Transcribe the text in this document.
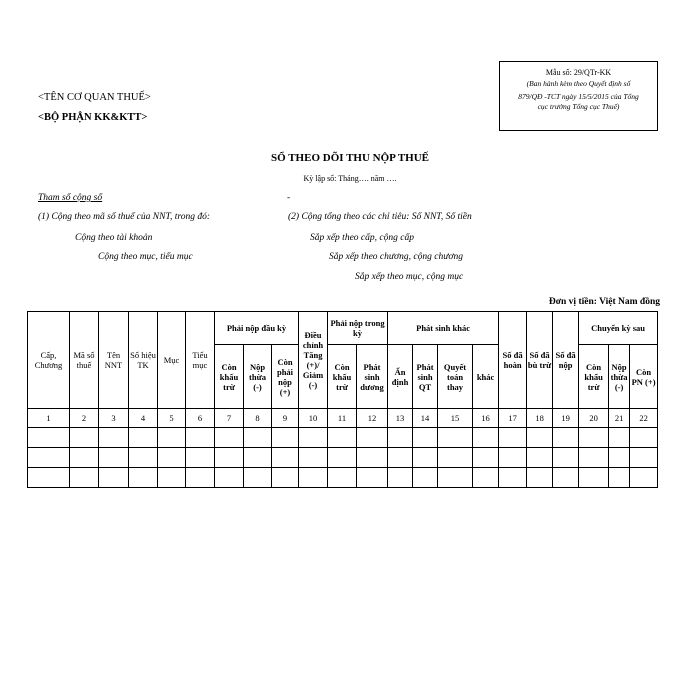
<TÊN CƠ QUAN THUẾ>
<BỘ PHẬN KK&KTT>
Mẫu số: 29/QTr-KK
(Ban hành kèm theo Quyết định số
879/QĐ -TCT ngày 15/5/2015 của Tổng
cục trưởng Tổng cục Thuế)
SỔ THEO DÕI THU NỘP THUẾ
Kỳ lập sổ: Tháng…. năm ….
Tham số cộng sổ	-
(1) Cộng theo mã số thuế của NNT, trong đó:	(2) Cộng tổng theo các chỉ tiêu: Số NNT, Số tiền
Cộng theo tài khoản	Sắp xếp theo cấp, cộng cấp
Cộng theo mục, tiểu mục	Sắp xếp theo chương, cộng chương
Sắp xếp theo mục, cộng mục
Đơn vị tiền: Việt Nam đồng
Cấp, Chương	Mã số thuế	Tên NNT	Số hiệu TK	Mục	Tiểu mục	Phải nộp đầu kỳ			Điều chỉnh Tăng (+)/ Giảm (-)	Phải nộp trong kỳ		Phát sinh khác				Số đã hoàn	Số đã bù trừ	Số đã nộp	Chuyển kỳ sau		
						Còn khấu trừ	Nộp thừa (-)	Còn phải nộp (+)		Còn khấu trừ	Phát sinh dương	Ấn định	Phát sinh QT	Quyết toán thay	khác				Còn khấu trừ	Nộp thừa (-)	Còn PN (+)
1	2	3	4	5	6	7	8	9	10	11	12	13	14	15	16	17	18	19	20	21	22
